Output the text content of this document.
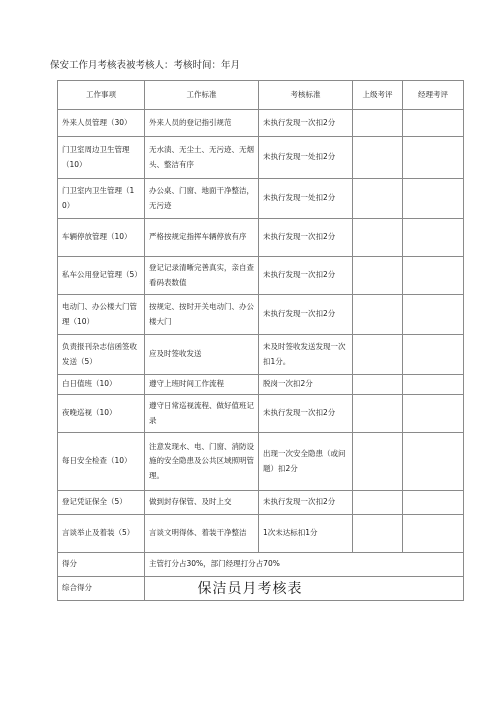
保安工作月考核表被考核人：考核时间：年月
工作事项	工作标准	考核标准	上级考评	经理考评
外来人员管理（30）	外来人员的登记指引规范	未执行发现一次扣2分		
门卫室周边卫生管理（10）	无水渍、无尘土、无污迹、无烟头、整洁有序	未执行发现一处扣2分		
门卫室内卫生管理（10）	办公桌、门窗、地面干净整洁，无污迹	未执行发现一处扣2分		
车辆停放管理（10）	严格按规定指挥车辆停放有序	未执行发现一次扣2分		
私车公用登记管理（5）	登记记录清晰完善真实，亲自查看码表数值	未执行发现一次扣2分		
电动门、办公楼大门管理（10）	按规定、按时开关电动门、办公楼大门	未执行发现一次扣2分		
负责报刊杂志信函签收发送（5）	应及时签收发送	未及时签收发送发现一次扣1分。		
白日值班（10）	遵守上班时间工作流程	脱岗一次扣2分		
夜晚巡视（10）	遵守日常巡视流程、做好值班记录	未执行发现一次扣2分		
每日安全检查（10）	注意发现水、电、门窗、消防设施的安全隐患及公共区域照明管理。	出现一次安全隐患（或问题）扣2分		
登记凭证保全（5）	做到封存保管、及时上交	未执行发现一次扣2分		
言谈举止及着装（5）	言谈文明得体、着装干净整洁	1次未达标扣1分		
得分	主管打分占30%，部门经理打分占70%			
综合得分					保洁员月考核表
